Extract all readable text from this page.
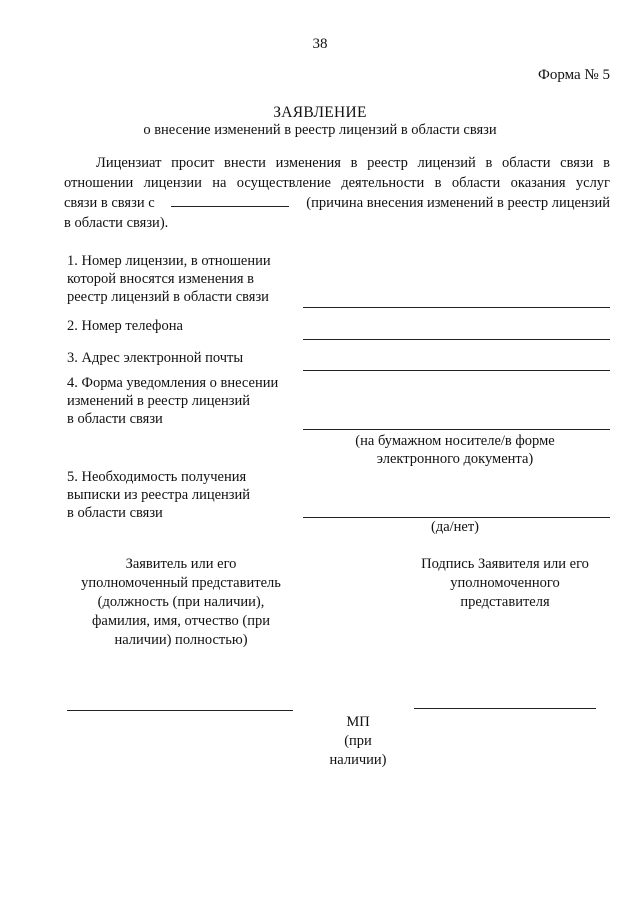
38
Форма № 5
ЗАЯВЛЕНИЕ
о внесение изменений в реестр лицензий в области связи
Лицензиат просит внести изменения в реестр лицензий в области связи в
отношении лицензии на осуществление деятельности в области оказания услуг
связи в связи с	(причина внесения изменений в реестр лицензий
в области связи).
1. Номер лицензии, в отношении
которой вносятся изменения в
реестр лицензий в области связи
2. Номер телефона
3. Адрес электронной почты
4. Форма уведомления о внесении
изменений в реестр лицензий
в области связи
(на бумажном носителе/в форме
электронного документа)
5. Необходимость получения
выписки из реестра лицензий
в области связи
(да/нет)
Заявитель или его
уполномоченный представитель
(должность (при наличии),
фамилия, имя, отчество (при
наличии) полностью)
Подпись Заявителя или его
уполномоченного
представителя
МП
(при
наличии)
